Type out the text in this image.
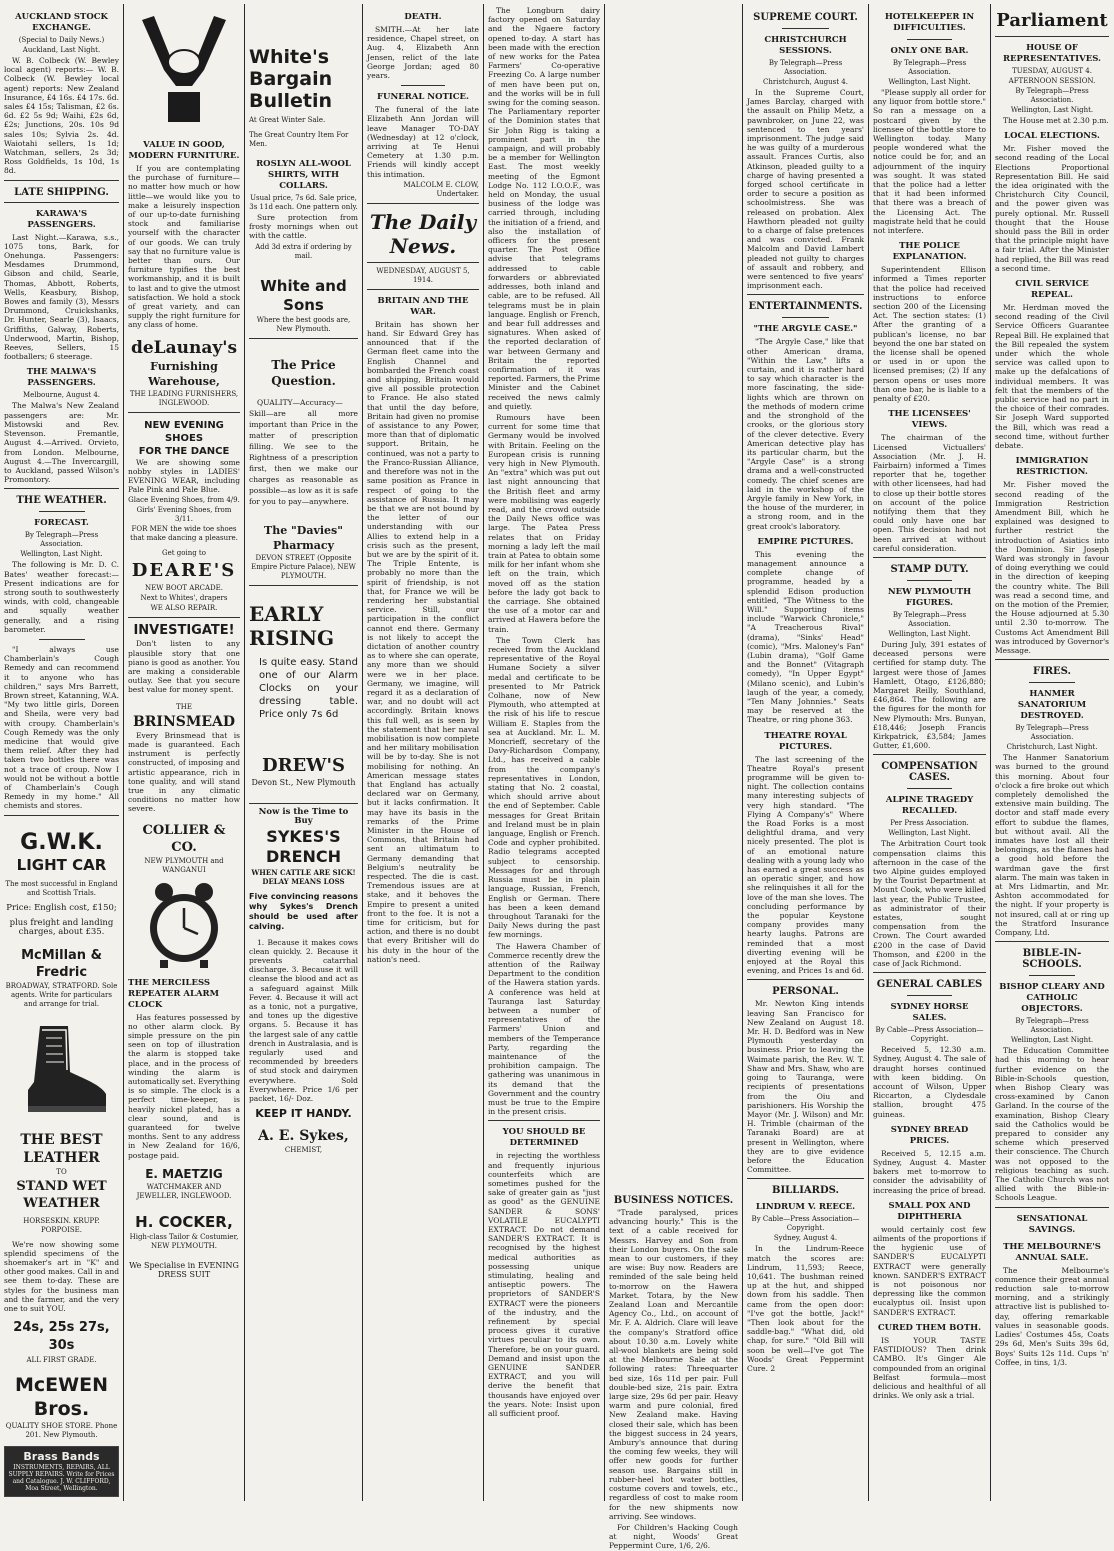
AUCKLAND STOCK EXCHANGE.
(Special to Daily News.)
Auckland, Last Night.

W. B. Colbeck (W. Bewley local agent) reports:— W. B. Colbeck (W. Bewley local agent) reports: New Zealand Insurance, £4 16s. £4 17s. 6d. sales £4 15s; Talisman, £2 6s. 6d. £2 5s 9d; Waihi, £2s 6d, £2s; Junctions, 20s. 10s 9d sales 10s; Sylvia 2s. 4d. Waiotahi sellers, 1s 1d; Watchman, sellers, 2s 3d; Ross Goldfields, 1s 10d, 1s 8d.

LATE SHIPPING.
KARAWA'S PASSENGERS.

Last Night.—Karawa, s.s., 1075 tons, Bark, for Onehunga. Passengers: Mesdames Drummond, Gibson and child, Searle, Thomas, Abbott, Roberts, Wells, Keasbury, Bishop, Bowes and family (3), Messrs Drummond, Cruickshanks, Dr. Hunter, Searle (3), Isaacs, Griffiths, Galway, Roberts, Underwood, Martin, Bishop, Reeves, Sellers, 15 footballers; 6 steerage.

THE MALWA'S PASSENGERS.
Melbourne, August 4.

The Malwa's New Zealand passengers are: Mr. Mistowski and Rev. Stevenson. Fremantle, August 4.—Arrived. Orvieto, from London. Melbourne, August 4.—The Invercargill, to Auckland, passed Wilson's Promontory.

THE WEATHER.
FORECAST.
By Telegraph—Press Association.
Wellington, Last Night.

The following is Mr. D. C. Bates' weather forecast:—Present indications are for strong south to southwesterly winds, with cold, changeable and squally weather generally, and a rising barometer.

"I always use Chamberlain's Cough Remedy and can recommend it to anyone who has children," says Mrs Barrett, Brown street, Katanning, W.A. "My two little girls, Doreen and Sheila, were very bad with croupy. Chamberlain's Cough Remedy was the only medicine that would give them relief. After they had taken two bottles there was not a trace of croup. Now I would not be without a bottle of Chamberlain's Cough Remedy in my home." All chemists and stores.

G.W.K.
LIGHT CAR
The most successful in England and Scottish Trials.
Price: English cost, £150;
plus freight and landing charges, about £35.
McMillan & Fredric
BROADWAY, STRATFORD. Sole agents. Write for particulars and arrange for trial.
THE BEST LEATHER
TO
STAND WET WEATHER
HORSESKIN. KRUPP. PORPOISE.

We're now showing some splendid specimens of the shoemaker's art in "K" and other good makes. Call in and see them to-day. These are styles for the business man and the farmer, and the very one to suit YOU.

24s, 25s 27s, 30s
ALL FIRST GRADE.
McEWEN Bros.
QUALITY SHOE STORE. Phone 201. New Plymouth.
Brass Bands
INSTRUMENTS, REPAIRS, ALL SUPPLY REPAIRS. Write for Prices and Catalogue. J. W. CLIFFORD, Moa Street, Wellington.
VALUE IN GOOD, MODERN FURNITURE.

If you are contemplating the purchase of furniture—no matter how much or how little—we would like you to make a leisurely inspection of our up-to-date furnishing stock and familiarise yourself with the character of our goods. We can truly say that no furniture value is better than ours. Our furniture typifies the best workmanship, and it is built to last and to give the utmost satisfaction. We hold a stock of great variety, and can supply the right furniture for any class of home.

deLaunay's
Furnishing Warehouse,
THE LEADING FURNISHERS, INGLEWOOD.
NEW EVENING SHOES
FOR THE DANCE

We are showing some nobby styles in LADIES' EVENING WEAR, including Pale Pink and Pale Blue.

Glace Evening Shoes, from 4/9.
Girls' Evening Shoes, from 3/11.
FOR MEN the wide toe shoes that make dancing a pleasure.
Get going to
DEARE'S
NEW BOOT ARCADE.
Next to Whites', drapers
WE ALSO REPAIR.
INVESTIGATE!

Don't listen to any plausible story that one piano is good as another. You are making a considerable outlay. See that you secure best value for money spent.

THE
BRINSMEAD

Every Brinsmead that is made is guaranteed. Each instrument is perfectly constructed, of imposing and artistic appearance, rich in tone quality, and will stand true in any climatic conditions no matter how severe.

COLLIER & CO.
NEW PLYMOUTH and WANGANUI
THE MERCILESS REPEATER ALARM CLOCK

Has features possessed by no other alarm clock. By simple pressure on the pin seen on top of illustration the alarm is stopped take place, and in the process of winding the alarm is automatically set. Everything is so simple. The clock is a perfect time-keeper, is heavily nickel plated, has a clear sound, and is guaranteed for twelve months. Sent to any address in New Zealand for 16/6, postage paid.

E. MAETZIG
WATCHMAKER AND JEWELLER, INGLEWOOD.
H. COCKER,
High-class Tailor & Costumier, NEW PLYMOUTH.
We Specialise in EVENING DRESS SUIT
White's Bargain Bulletin
At Great Winter Sale.
The Great Country Item For Men.
ROSLYN ALL-WOOL SHIRTS, WITH COLLARS.
Usual price, 7s 6d. Sale price, 3s 11d each. One pattern only.

Sure protection from frosty mornings when out with the cattle.

Add 3d extra if ordering by mail.
White and Sons
Where the best goods are, New Plymouth.
The Price Question.

QUALITY—Accuracy—Skill—are all more important than Price in the matter of prescription filling. We see to the Rightness of a prescription first, then we make our charges as reasonable as possible—as low as it is safe for you to pay—anywhere.

The "Davies" Pharmacy
DEVON STREET (Opposite Empire Picture Palace), NEW PLYMOUTH.
EARLY RISING
Is quite easy. Stand one of our Alarm Clocks on your dressing table. Price only 7s 6d
DREW'S
Devon St., New Plymouth
Now is the Time to Buy
SYKES'S DRENCH
WHEN CATTLE ARE SICK! DELAY MEANS LOSS
Five convincing reasons why Sykes's Drench should be used after calving.

1. Because it makes cows clean quickly. 2. Because it prevents catarrhal discharge. 3. Because it will cleanse the blood and act as a safeguard against Milk Fever. 4. Because it will act as a tonic, not a purgative, and tones up the digestive organs. 5. Because it has the largest sale of any cattle drench in Australasia, and is regularly used and recommended by breeders of stud stock and dairymen everywhere. Sold Everywhere. Price 1/6 per packet, 16/- Doz.

KEEP IT HANDY.
A. E. Sykes,
CHEMIST,
DEATH.

SMITH.—At her late residence, Chapel street, on Aug. 4, Elizabeth Ann Jensen, relict of the late George Jordan; aged 80 years.

FUNERAL NOTICE.

The funeral of the late Elizabeth Ann Jordan will leave Manager TO-DAY (Wednesday) at 12 o'clock, arriving at Te Henui Cemetery at 1.30 p.m. Friends will kindly accept this intimation.

MALCOLM E. CLOW, Undertaker.
The Daily News.
WEDNESDAY, AUGUST 5, 1914.
BRITAIN AND THE WAR.

Britain has shown her hand. Sir Edward Grey has announced that if the German fleet came into the English Channel and bombarded the French coast and shipping, Britain would give all possible protection to France. He also stated that until the day before, Britain had given no promise of assistance to any Power, more than that of diplomatic support. Britain, he continued, was not a party to the Franco-Russian Alliance, and therefore was not in the same position as France in respect of going to the assistance of Russia. It may be that we are not bound by the letter of our understanding with our Allies to extend help in a crisis such as the present, but we are by the spirit of it. The Triple Entente, is probably no more than the spirit of friendship, is not that, for France we will be rendering her substantial service. Still, our participation in the conflict cannot end there. Germany is not likely to accept the dictation of another country as to where she can operate, any more than we should were we in her place. Germany, we imagine, will regard it as a declaration of war, and no doubt will act accordingly. Britain knows this full well, as is seen by the statement that her naval mobilisation is now complete and her military mobilisation will be by to-day. She is not mobilising for nothing. An American message states that England has actually declared war on Germany, but it lacks confirmation. It may have its basis in the remarks of the Prime Minister in the House of Commons, that Britain had sent an ultimatum to Germany demanding that Belgium's neutrality be respected. The die is cast. Tremendous issues are at stake, and it behoves the Empire to present a united front to the foe. It is not a time for criticism, but for action, and there is no doubt that every Britisher will do his duty in the hour of the nation's need.

The Longburn dairy factory opened on Saturday and the Ngaere factory opened to-day. A start has been made with the erection of new works for the Patea Farmers' Co-operative Freezing Co. A large number of men have been put on, and the works will be in full swing for the coming season. The Parliamentary reporter of the Dominion states that Sir John Rigg is taking a prominent part in the campaign, and will probably be a member for Wellington East. The most weekly meeting of the Egmont Lodge No. 112 I.O.O.F., was held on Monday, the usual business of the lodge was carried through, including the initiation of a friend, and also the installation of officers for the present quarter. The Post Office advise that telegrams addressed to cable forwarders or abbreviated addresses, both inland and cable, are to be refused. All telegrams must be in plain language. English or French, and bear full addresses and signatures. When asked of the reported declaration of war between Germany and Britain the reported confirmation of it was reported. Farmers, the Prime Minister and the Cabinet received the news calmly and quietly.

Rumours have been current for some time that Germany would be involved with Britain. Feeling on the European crisis is running very high in New Plymouth. An "extra" which was put out last night announcing that the British fleet and army were mobilising was eagerly read, and the crowd outside the Daily News office was large. The Patea Press relates that on Friday morning a lady left the mail train at Patea to obtain some milk for her infant whom she left on the train, which moved off as the station before the lady got back to the carriage. She obtained the use of a motor car and arrived at Hawera before the train.

The Town Clerk has received from the Auckland representative of the Royal Humane Society a silver medal and certificate to be presented to Mr Patrick Colhane, now of New Plymouth, who attempted at the risk of his life to rescue William E. Staples from the sea at Auckland. Mr. L. M. Moncrieff, secretary of the Davy-Richardson Company, Ltd., has received a cable from the company's representatives in London, stating that No. 2 coastal, which should arrive about the end of September. Cable messages for Great Britain and Ireland must be in plain language, English or French. Code and cypher prohibited. Radio telegrams accepted subject to censorship. Messages for and through Russia must be in plain language, Russian, French, English or German. There has been a keen demand throughout Taranaki for the Daily News during the past few mornings.

The Hawera Chamber of Commerce recently drew the attention of the Railway Department to the condition of the Hawera station yards. A conference was held at Tauranga last Saturday between a number of representatives of the Farmers' Union and members of the Temperance Party, regarding the maintenance of the prohibition campaign. The gathering was unanimous in its demand that the Government and the country must be true to the Empire in the present crisis.

YOU SHOULD BE DETERMINED

in rejecting the worthless and frequently injurious counterfeits which are sometimes pushed for the sake of greater gain as "just as good" as the GENUINE SANDER & SONS' VOLATILE EUCALYPTI EXTRACT. Do not demand SANDER'S EXTRACT. It is recognised by the highest medical authorities as possessing unique stimulating, healing and antiseptic powers. The proprietors of SANDER'S EXTRACT were the pioneers of the industry, and the refinement by special process gives it curative virtues peculiar to its own. Therefore, be on your guard. Demand and insist upon the GENUINE SANDER EXTRACT, and you will derive the benefit that thousands have enjoyed over the years. Note: Insist upon all sufficient proof.

BUSINESS NOTICES.

"Trade paralysed, prices advancing hourly." This is the text of a cable received for Messrs. Harvey and Son from their London buyers. On the sale mean to our customers, if they are wise: Buy now. Readers are reminded of the sale being held to-morrow on the Hawera Market. Totara, by the New Zealand Loan and Mercantile Agency Co., Ltd., on account of Mr. F. A. Aldrich. Clare will leave the company's Stratford office about 10.30 a.m. Lovely white all-wool blankets are being sold at the Melbourne Sale at the following rates: Threequarter bed size, 16s 11d per pair. Full double-bed size, 21s pair. Extra large size, 29s 6d per pair. Heavy warm and pure colonial, fired New Zealand make. Having closed their sale, which has been the biggest success in 24 years, Ambury's announce that during the coming few weeks, they will offer new goods for further season use. Bargains still in rubber-heel hot water bottles, costume covers and towels, etc., regardless of cost to make room for the new shipments now arriving. See windows.

For Children's Hacking Cough at night, Woods' Great Peppermint Cure, 1/6, 2/6.

SUPREME COURT.
CHRISTCHURCH SESSIONS.
By Telegraph—Press Association.
Christchurch, August 4.

In the Supreme Court, James Barclay, charged with the assault on Philip Metz, a pawnbroker, on June 22, was sentenced to ten years' imprisonment. The judge said he was guilty of a murderous assault. Frances Curtis, also Atkinson, pleaded guilty to a charge of having presented a forged school certificate in order to secure a position as schoolmistress. She was released on probation. Alex Hawthorn pleaded not guilty to a charge of false pretences and was convicted. Frank Malcolm and David Lambert pleaded not guilty to charges of assault and robbery, and were sentenced to five years' imprisonment each.

ENTERTAINMENTS.
"THE ARGYLE CASE."

"The Argyle Case," like that other American drama, "Within the Law," lifts a curtain, and it is rather hard to say which character is the more fascinating, the side-lights which are thrown on the methods of modern crime and the stronghold of the crooks, or the glorious story of the clever detective. Every American detective play has its particular charm, but the "Argyle Case" is a strong drama and a well-constructed comedy. The chief scenes are laid in the workshop of the Argyle family in New York, in the house of the murderer, in a strong room, and in the great crook's laboratory.

EMPIRE PICTURES.

This evening the management announce a complete change of programme, headed by a splendid Edison production entitled, "The Witness to the Will." Supporting items include "Warwick Chronicle," "A Treacherous Rival" (drama), "Sinks' Head" (comic), "Mrs. Maloney's Fan" (Lubin drama), "Golf Game and the Bonnet" (Vitagraph comedy), "In Upper Egypt" (Milano scenic), and Lubin's laugh of the year, a comedy, "Ten Many Johnnies." Seats may be reserved at the Theatre, or ring phone 363.

THEATRE ROYAL PICTURES.

The last screening of the Theatre Royal's present programme will be given to-night. The collection contains many interesting subjects of very high standard. "The Flying A Company's" Where the Road Forks is a most delightful drama, and very nicely presented. The plot is of an emotional nature dealing with a young lady who has earned a great success as an operatic singer, and how she relinquishes it all for the love of the man she loves. The concluding performance by the popular Keystone company provides many hearty laughs. Patrons are reminded that a most diverting evening will be enjoyed at the Royal this evening, and Prices 1s and 6d.

PERSONAL.

Mr. Newton King intends leaving San Francisco for New Zealand on August 18. Mr. H. D. Bedford was in New Plymouth yesterday on business. Prior to leaving the Waimate parish, the Rev. W. T. Shaw and Mrs. Shaw, who are going to Tauranga, were recipients of presentations from the Oiu and parishioners. His Worship the Mayor (Mr. J. Wilson) and Mr. H. Trimble (chairman of the Taranaki Board) are at present in Wellington, where they are to give evidence before the Education Committee.

BILLIARDS.
LINDRUM V. REECE.
By Cable—Press Association—Copyright.
Sydney, August 4.

In the Lindrum-Reece match the scores are: Lindrum, 11,593; Reece, 10,641. The bushman reined up at the hut, and shipped down from his saddle. Then came from the open door: "I've got the bottle, Jack!" "Then look about for the saddle-bag." "What did, old chap, for sure." "Old Bill will soon be well—I've got The Woods' Great Peppermint Cure. 2

HOTELKEEPER IN DIFFICULTIES.
ONLY ONE BAR.
By Telegraph—Press Association.
Wellington, Last Night.

"Please supply all order for any liquor from bottle store." So ran a message on a postcard given by the licensee of the bottle store to Wellington today. Many people wondered what the notice could be for, and an adjournment of the inquiry was sought. It was stated that the police had a letter that it had been informed that there was a breach of the Licensing Act. The magistrate held that he could not interfere.

THE POLICE EXPLANATION.

Superintendent Ellison informed a Times reporter that the police had received instructions to enforce section 200 of the Licensing Act. The section states: (1) After the granting of a publican's license, no bar beyond the one bar stated on the license shall be opened or used in or upon the licensed premises; (2) If any person opens or uses more than one bar, he is liable to a penalty of £20.

THE LICENSEES' VIEWS.

The chairman of the Licensed Victuallers' Association (Mr. J. H. Fairbairn) informed a Times reporter that he, together with other licensees, had had to close up their bottle stores on account of the police notifying them that they could only have one bar open. This decision had not been arrived at without careful consideration.

STAMP DUTY.
NEW PLYMOUTH FIGURES.
By Telegraph—Press Association.
Wellington, Last Night.

During July, 391 estates of deceased persons were certified for stamp duty. The largest were those of James Hamlett, Otago, £126,880; Margaret Reilly, Southland, £46,864. The following are the figures for the month for New Plymouth: Mrs. Bunyan, £18,446; Joseph Francis Kirkpatrick, £3,584; James Gutter, £1,600.

COMPENSATION CASES.
ALPINE TRAGEDY RECALLED.
Per Press Association.
Wellington, Last Night.

The Arbitration Court took compensation claims this afternoon in the case of the two Alpine guides employed by the Tourist Department at Mount Cook, who were killed last year, the Public Trustee, as administrator of their estates, sought compensation from the Crown. The Court awarded £200 in the case of David Thomson, and £200 in the case of Jack Richmond.

GENERAL CABLES
SYDNEY HORSE SALES.
By Cable—Press Association—Copyright.

Received 5, 12.30 a.m. Sydney, August 4. The sale of draught horses continued with keen bidding. On account of Wilson, Upper Riccarton, a Clydesdale stallion, brought 475 guineas.

SYDNEY BREAD PRICES.

Received 5, 12.15 a.m. Sydney, August 4. Master bakers met to-morrow to consider the advisability of increasing the price of bread.

SMALL POX AND DIPHTHERIA

would certainly cost few ailments of the proportions if the hygienic use of SANDER'S EUCALYPTI EXTRACT were generally known. SANDER'S EXTRACT is not poisonous nor depressing like the common eucalyptus oil. Insist upon SANDER'S EXTRACT.

CURED THEM BOTH.

IS YOUR TASTE FASTIDIOUS? Then drink CAMBO. It's Ginger Ale compounded from an original Belfast formula—most delicious and healthful of all drinks. We only ask a trial.

Parliament
HOUSE OF REPRESENTATIVES.
TUESDAY, AUGUST 4.
AFTERNOON SESSION.
By Telegraph—Press Association.
Wellington, Last Night.

The House met at 2.30 p.m.

LOCAL ELECTIONS.

Mr. Fisher moved the second reading of the Local Elections Proportional Representation Bill. He said the idea originated with the Christchurch City Council, and the power given was purely optional. Mr. Russell thought that the House should pass the Bill in order that the principle might have a fair trial. After the Minister had replied, the Bill was read a second time.

CIVIL SERVICE REPEAL.

Mr. Herdman moved the second reading of the Civil Service Officers Guarantee Repeal Bill. He explained that the Bill repealed the system under which the whole service was called upon to make up the defalcations of individual members. It was felt that the members of the public service had no part in the choice of their comrades. Sir Joseph Ward supported the Bill, which was read a second time, without further debate.

IMMIGRATION RESTRICTION.

Mr. Fisher moved the second reading of the Immigration Restriction Amendment Bill, which he explained was designed to further restrict the introduction of Asiatics into the Dominion. Sir Joseph Ward was strongly in favour of doing everything we could in the direction of keeping the country white. The Bill was read a second time, and on the motion of the Premier, the House adjourned at 5.30 until 2.30 to-morrow. The Customs Act Amendment Bill was introduced by Governor's Message.

FIRES.
HANMER SANATORIUM DESTROYED.
By Telegraph—Press Association.
Christchurch, Last Night.

The Hanmer Sanatorium was burned to the ground this morning. About four o'clock a fire broke out which completely demolished the extensive main building. The doctor and staff made every effort to subdue the flames, but without avail. All the inmates have lost all their belongings, as the flames had a good hold before the wardman gave the first alarm. The main was taken in at Mrs Lidmartin, and Mr. Ashton accommodated for the night. If your property is not insured, call at or ring up the Stratford Insurance Company, Ltd.

BIBLE-IN-SCHOOLS.
BISHOP CLEARY AND CATHOLIC OBJECTORS.
By Telegraph—Press Association.
Wellington, Last Night.

The Education Committee had this morning to hear further evidence on the Bible-in-Schools question, when Bishop Cleary was cross-examined by Canon Garland. In the course of the examination, Bishop Cleary said the Catholics would be prepared to consider any scheme which preserved their conscience. The Church was not opposed to the religious teaching as such. The Catholic Church was not allied with the Bible-in-Schools League.

SENSATIONAL SAVINGS.
THE MELBOURNE'S ANNUAL SALE.

The Melbourne's commence their great annual reduction sale to-morrow morning, and a strikingly attractive list is published to-day, offering remarkable values in seasonable goods. Ladies' Costumes 45s, Coats 29s 6d, Men's Suits 39s 6d, Boys' Suits 12s 11d. Cups 'n' Coffee, in tins, 1/3.
